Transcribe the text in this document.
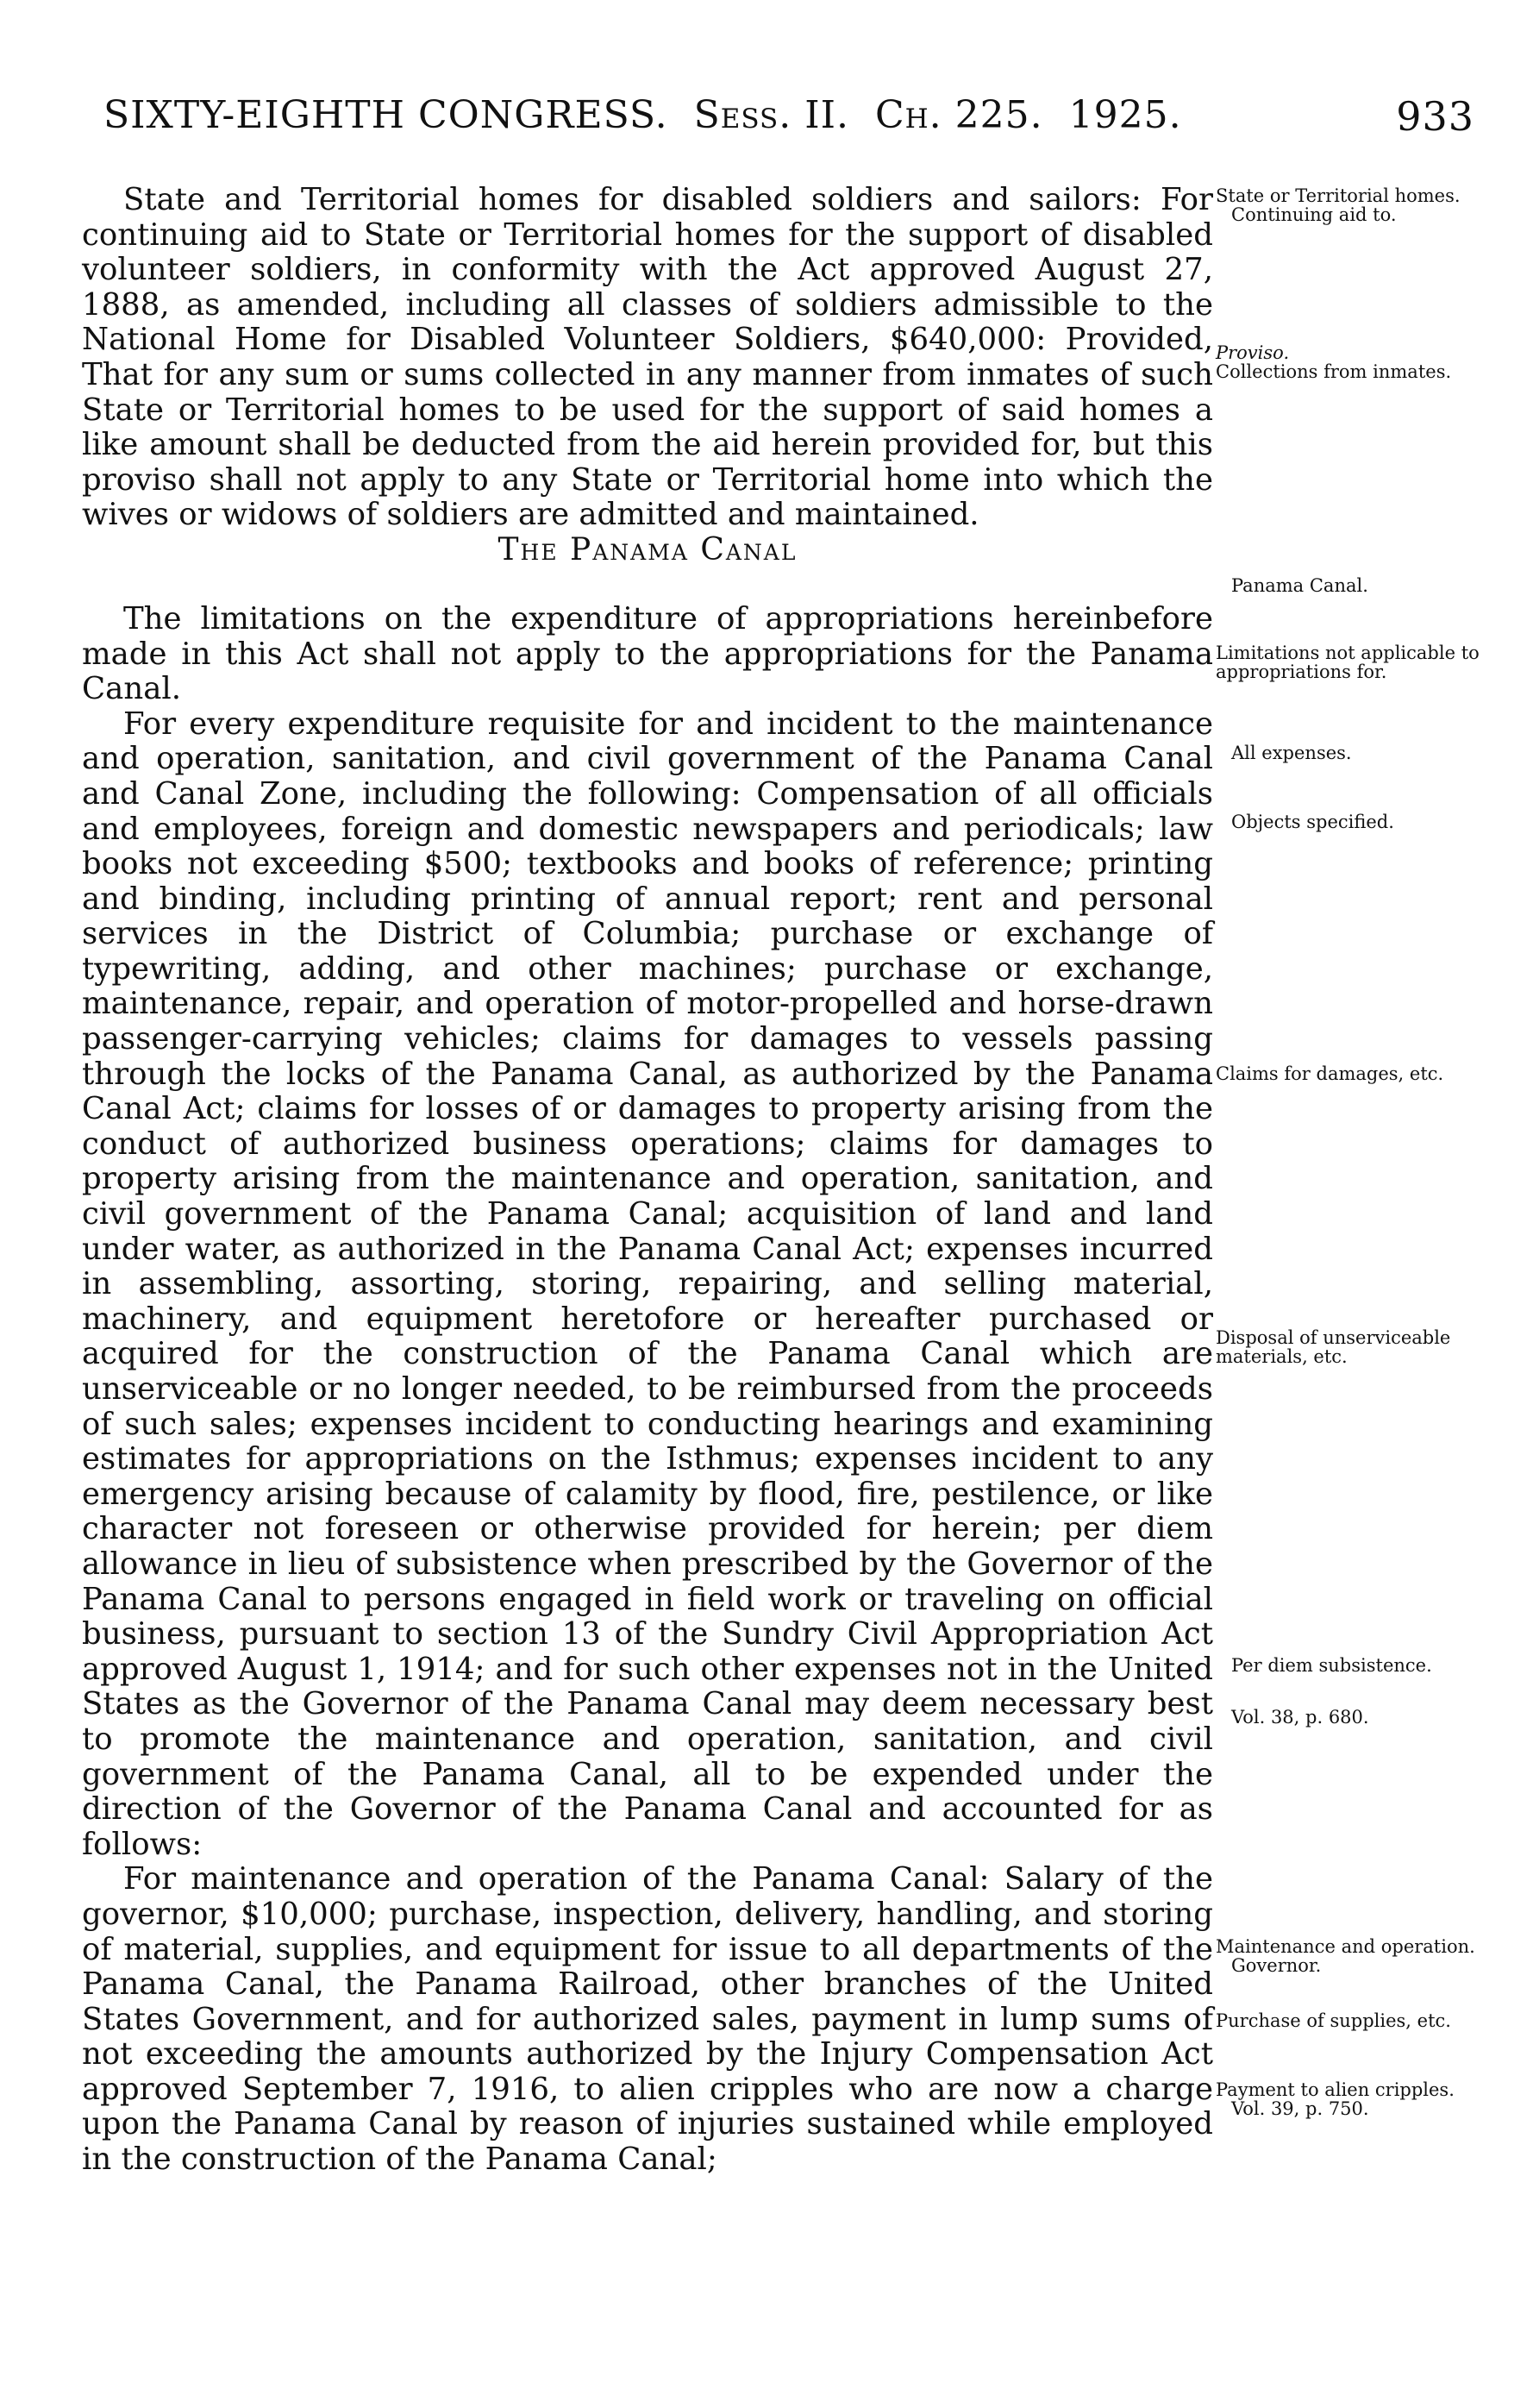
SIXTY-EIGHTH CONGRESS. Sess. II. Ch. 225. 1925.	933

State and Territorial homes for disabled soldiers and sailors: For continuing aid to State or Territorial homes for the support of disabled volunteer soldiers, in conformity with the Act approved August 27, 1888, as amended, including all classes of soldiers admissible to the National Home for Disabled Volunteer Soldiers, $640,000: Provided, That for any sum or sums collected in any manner from inmates of such State or Territorial homes to be used for the support of said homes a like amount shall be deducted from the aid herein provided for, but this proviso shall not apply to any State or Territorial home into which the wives or widows of soldiers are admitted and maintained.

The Panama Canal

The limitations on the expenditure of appropriations hereinbefore made in this Act shall not apply to the appropriations for the Panama Canal.

For every expenditure requisite for and incident to the maintenance and operation, sanitation, and civil government of the Panama Canal and Canal Zone, including the following: Compensation of all officials and employees, foreign and domestic newspapers and periodicals; law books not exceeding $500; textbooks and books of reference; printing and binding, including printing of annual report; rent and personal services in the District of Columbia; purchase or exchange of typewriting, adding, and other machines; purchase or exchange, maintenance, repair, and operation of motor-propelled and horse-drawn passenger-carrying vehicles; claims for damages to vessels passing through the locks of the Panama Canal, as authorized by the Panama Canal Act; claims for losses of or damages to property arising from the conduct of authorized business operations; claims for damages to property arising from the maintenance and operation, sanitation, and civil government of the Panama Canal; acquisition of land and land under water, as authorized in the Panama Canal Act; expenses incurred in assembling, assorting, storing, repairing, and selling material, machinery, and equipment heretofore or hereafter purchased or acquired for the construction of the Panama Canal which are unserviceable or no longer needed, to be reimbursed from the proceeds of such sales; expenses incident to conducting hearings and examining estimates for appropriations on the Isthmus; expenses incident to any emergency arising because of calamity by flood, fire, pestilence, or like character not foreseen or otherwise provided for herein; per diem allowance in lieu of subsistence when prescribed by the Governor of the Panama Canal to persons engaged in field work or traveling on official business, pursuant to section 13 of the Sundry Civil Appropriation Act approved August 1, 1914; and for such other expenses not in the United States as the Governor of the Panama Canal may deem necessary best to promote the maintenance and operation, sanitation, and civil government of the Panama Canal, all to be expended under the direction of the Governor of the Panama Canal and accounted for as follows:

For maintenance and operation of the Panama Canal: Salary of the governor, $10,000; purchase, inspection, delivery, handling, and storing of material, supplies, and equipment for issue to all departments of the Panama Canal, the Panama Railroad, other branches of the United States Government, and for authorized sales, payment in lump sums of not exceeding the amounts authorized by the Injury Compensation Act approved September 7, 1916, to alien cripples who are now a charge upon the Panama Canal by reason of injuries sustained while employed in the construction of the Panama Canal;

State or Territorial homes.
Continuing aid to.
Proviso.
Collections from inmates.
Panama Canal.
Limitations not applicable to appropriations for.
All expenses.
Objects specified.
Claims for damages, etc.
Disposal of unserviceable materials, etc.
Per diem subsistence.
Vol. 38, p. 680.
Maintenance and operation.
Governor.
Purchase of supplies, etc.
Payment to alien cripples.
Vol. 39, p. 750.
